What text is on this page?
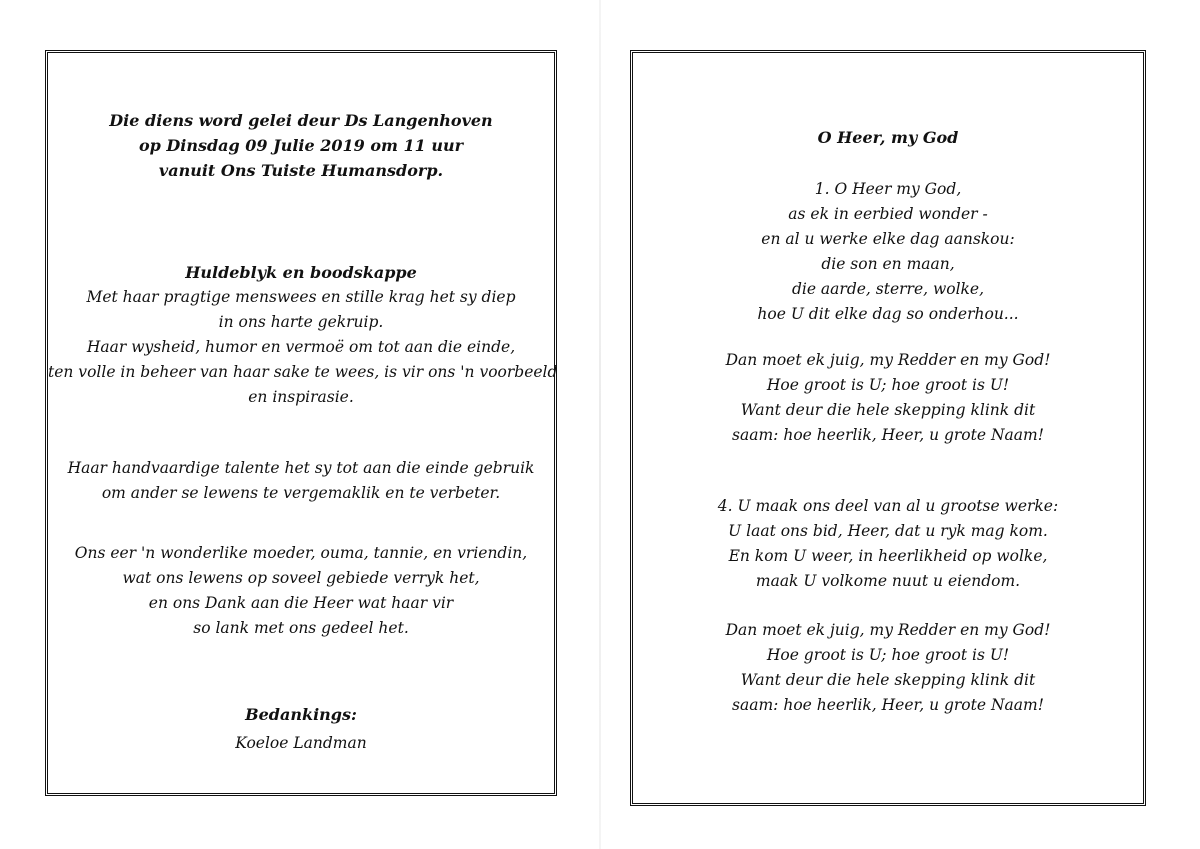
Die diens word gelei deur Ds Langenhoven
op Dinsdag 09 Julie 2019 om 11 uur
vanuit Ons Tuiste Humansdorp.
Huldeblyk en boodskappe
Met haar pragtige menswees en stille krag het sy diep
in ons harte gekruip.
Haar wysheid, humor en vermoë om tot aan die einde,
ten volle in beheer van haar sake te wees, is vir ons 'n voorbeeld
en inspirasie.
Haar handvaardige talente het sy tot aan die einde gebruik
om ander se lewens te vergemaklik en te verbeter.
Ons eer 'n wonderlike moeder, ouma, tannie, en vriendin,
wat ons lewens op soveel gebiede verryk het,
en ons Dank aan die Heer wat haar vir
so lank met ons gedeel het.
Bedankings:
Koeloe Landman
O Heer, my God
1. O Heer my God,
as ek in eerbied wonder -
en al u werke elke dag aanskou:
die son en maan,
die aarde, sterre, wolke,
hoe U dit elke dag so onderhou...
Dan moet ek juig, my Redder en my God!
Hoe groot is U; hoe groot is U!
Want deur die hele skepping klink dit
saam: hoe heerlik, Heer, u grote Naam!
4. U maak ons deel van al u grootse werke:
U laat ons bid, Heer, dat u ryk mag kom.
En kom U weer, in heerlikheid op wolke,
maak U volkome nuut u eiendom.
Dan moet ek juig, my Redder en my God!
Hoe groot is U; hoe groot is U!
Want deur die hele skepping klink dit
saam: hoe heerlik, Heer, u grote Naam!
